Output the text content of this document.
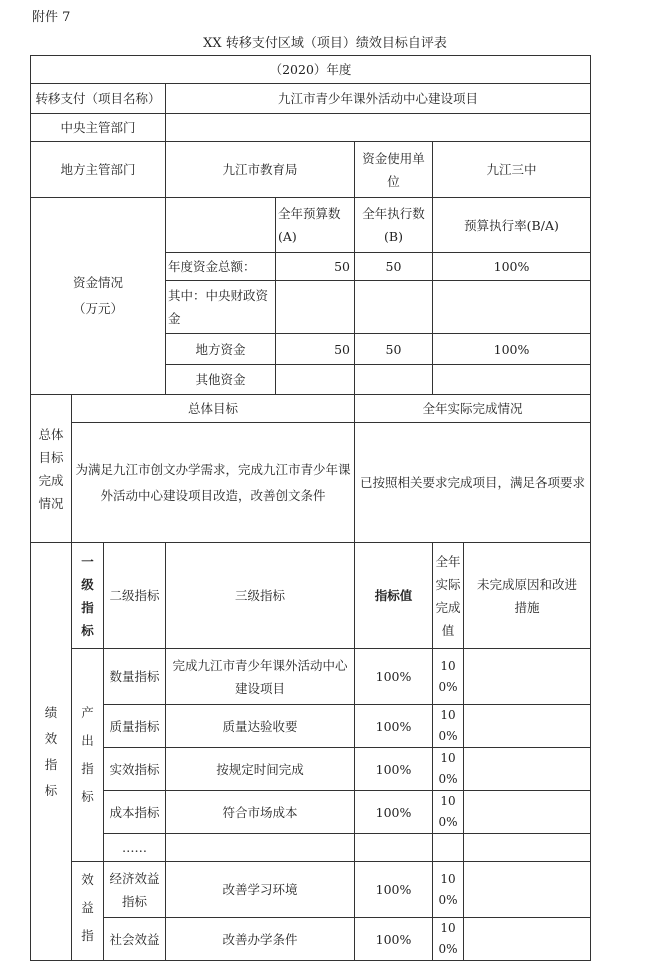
附件 7
XX 转移支付区域（项目）绩效目标自评表
（2020）年度							
转移支付（项目名称）			九江市青少年课外活动中心建设项目				
中央主管部门							
地方主管部门			九江市教育局		资金使用单位	九江三中	
资金情况（万元）				全年预算数(A)	全年执行数(B)	预算执行率(B/A)	
			年度资金总额：	50	50	100%	
			其中：中央财政资金				
			地方资金	50	50	100%	
			其他资金				
总体目标完成情况	总体目标				全年实际完成情况		
	为满足九江市创文办学需求，完成九江市青少年课外活动中心建设项目改造，改善创文条件				已按照相关要求完成项目，满足各项要求		
绩效指标	一级指标	二级指标	三级指标		指标值	全年实际完成值	未完成原因和改进措施
	产出指标	数量指标	完成九江市青少年课外活动中心建设项目		100%	100%	
		质量指标	质量达验收要		100%	100%	
		实效指标	按规定时间完成		100%	100%	
		成本指标	符合市场成本		100%	100%	
		……					
	效益指	经济效益指标	改善学习环境		100%	100%	
		社会效益	改善办学条件		100%	100%	
